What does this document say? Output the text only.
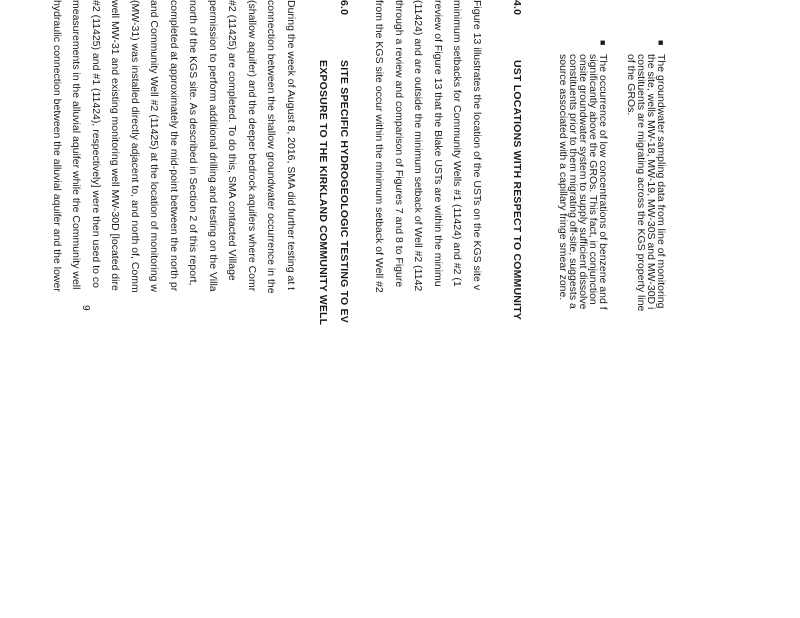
■
The groundwater sampling data from line of monitoring
the site, wells MW-18, MW-19, MW-30S and MW-30D i
constituents are migrating across the KGS property line
of the GROs.
■
The occurrence of low concentrations of benzene and f
significantly above the GROs. This fact, in conjunction
onsite groundwater system to supply sufficient dissolve
constituents prior to them migrating off-site, suggests a
source associated with a capillary fringe smear zone.
4.0
UST LOCATIONS WITH RESPECT TO COMMUNITY
Figure 13 illustrates the location of the USTs on the KGS site v
minimum setbacks for Community Wells #1 (11424) and #2 (1
review of Figure 13 that the Blake USTs are within the minimu
(11424) and are outside the minimum setback of Well #2 (1142
through a review and comparison of Figures 7 and 8 to Figure
from the KGS site occur within the minimum setback of Well #2
6.0
SITE SPECIFIC HYDROGEOLOGIC TESTING TO EV
EXPOSURE TO THE KIRKLAND COMMUNITY WELL
During the week of August 8, 2016, SMA did further testing at t
connection between the shallow groundwater occurrence in the
(shallow aquifer) and the deeper bedrock aquifers where Comr
#2 (11425) are completed. To do this, SMA contacted Village
permission to perform additional drilling and testing on the Villa
north of the KGS site. As described in Section 2 of this report,
completed at approximately the mid-point between the north pr
and Community Well #2 (11425) at the location of monitoring w
(MW-31) was installed directly adjacent to, and north of, Comm
well MW-31 and existing monitoring well MW-30D [located dire
#2 (11425) and #1 (11424), respectively] were then used to co
measurements in the alluvial aquifer while the Community well
hydraulic connection between the alluvial aquifer and the lower
9
